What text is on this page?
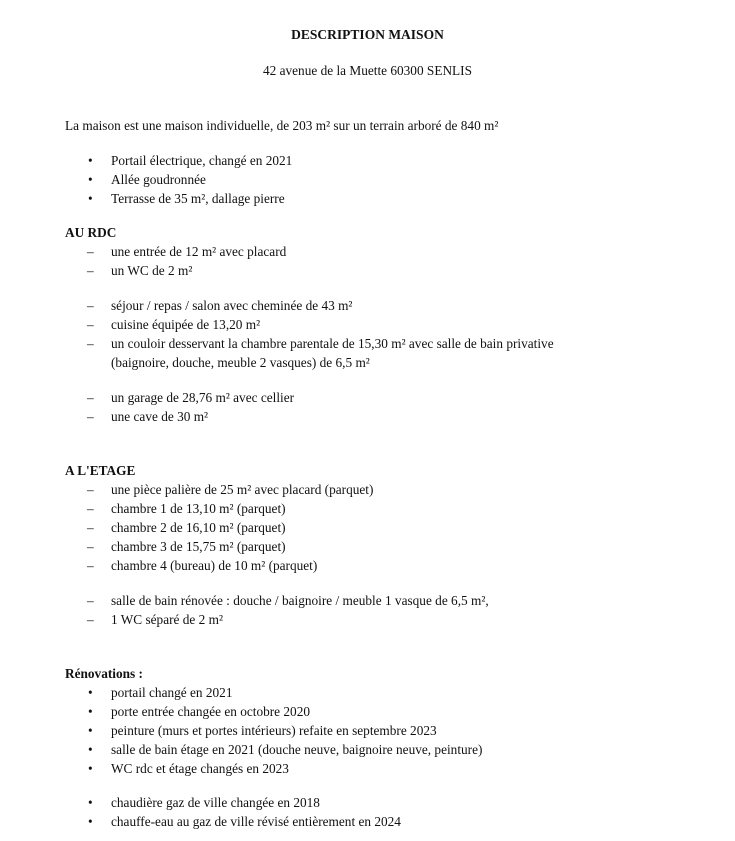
DESCRIPTION MAISON

42 avenue de la Muette 60300 SENLIS

La maison est une maison individuelle, de 203 m² sur un terrain arboré de 840 m²

•	Portail électrique, changé en 2021
•	Allée goudronnée
•	Terrasse de 35 m², dallage pierre

AU RDC

–	une entrée de 12 m² avec placard
–	un WC de 2 m²
–	séjour / repas / salon avec cheminée de 43 m²
–	cuisine équipée de 13,20 m²
–	un couloir desservant la chambre parentale de 15,30 m² avec salle de bain privative
(baignoire, douche, meuble 2 vasques) de 6,5 m²
–	un garage de 28,76 m² avec cellier
–	une cave de 30 m²

A L'ETAGE

–	une pièce palière de 25 m² avec placard (parquet)
–	chambre 1 de 13,10 m² (parquet)
–	chambre 2 de 16,10 m² (parquet)
–	chambre 3 de 15,75 m² (parquet)
–	chambre 4 (bureau) de 10 m² (parquet)
–	salle de bain rénovée : douche / baignoire / meuble 1 vasque de 6,5 m²,
–	1 WC séparé de 2 m²

Rénovations :

•	portail changé en 2021
•	porte entrée changée en octobre 2020
•	peinture (murs et portes intérieurs) refaite en septembre 2023
•	salle de bain étage en 2021 (douche neuve, baignoire neuve, peinture)
•	WC rdc et étage changés en 2023
•	chaudière gaz de ville changée en 2018
•	chauffe-eau au gaz de ville révisé entièrement en 2024
